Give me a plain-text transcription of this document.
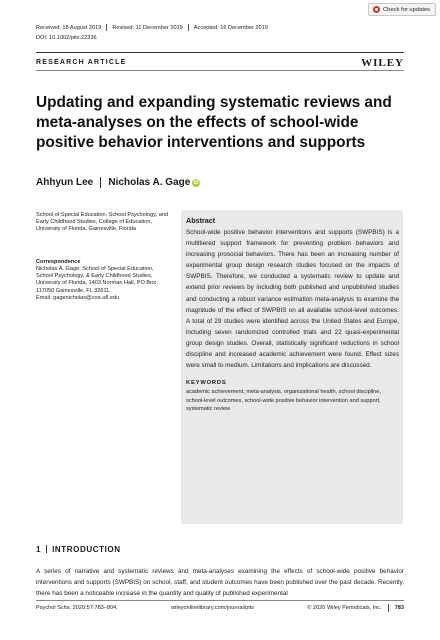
Check for updates
Received: 18 August 2019 Revised: 11 December 2019 Accepted: 16 December 2019
DOI: 10.1002/pits.22336
RESEARCH ARTICLE	WILEY
Updating and expanding systematic reviews and meta‐analyses on the effects of school‐wide positive behavior interventions and supports
Ahhyun Lee Nicholas A. Gage iD
School of Special Education, School Psychology, and Early Childhood Studies, College of Education, University of Florida, Gainesville, Florida
Correspondence
Nicholas A. Gage, School of Special Education, School Psychology, & Early Childhood Studies, University of Florida, 1403 Norman Hall, PO Box 117050 Gainesville, FL 32611.
Email: gagenicholas@coe.ufl.edu
Abstract

School‐wide positive behavior interventions and supports (SWPBIS) is a multitiered support framework for preventing problem behaviors and increasing prosocial behaviors. There has been an increasing number of experimental group design research studies focused on the impacts of SWPBIS. Therefore, we conducted a systematic review to update and extend prior reviews by including both published and unpublished studies and conducting a robust variance estimation meta‐analysis to examine the magnitude of the effect of SWPBIS on all available school‐level outcomes. A total of 29 studies were identified across the United States and Europe, including seven randomized controlled trials and 22 quasi‐experimental group design studies. Overall, statistically significant reductions in school discipline and increased academic achievement were found. Effect sizes were small to medium. Limitations and implications are discussed.

KEYWORDS
academic achievement, meta‐analysis, organizational health, school discipline, school‐level outcomes, school‐wide positive behavior intervention and support, systematic review
1 INTRODUCTION
A series of narrative and systematic reviews and meta‐analyses examining the effects of school‐wide positive behavior interventions and supports (SWPBIS) on school, staff, and student outcomes have been published over the past decade. Recently, there has been a noticeable increase in the quantity and quality of published experimental
Psychol Schs. 2020;57:783–804.	wileyonlinelibrary.com/journal/pits	© 2020 Wiley Periodicals, Inc. 783
